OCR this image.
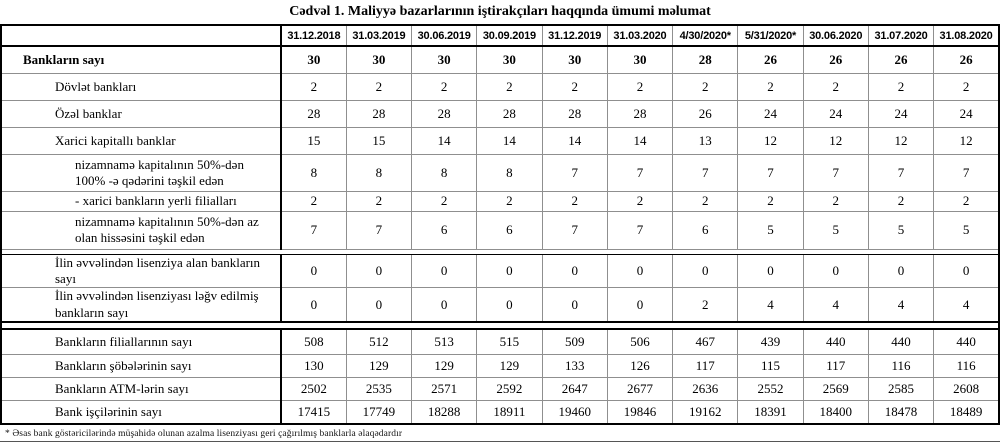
Cədvəl 1. Maliyyə bazarlarının iştirakçıları haqqında ümumi məlumat
	31.12.2018	31.03.2019	30.06.2019	30.09.2019	31.12.2019	31.03.2020	4/30/2020*	5/31/2020*	30.06.2020	31.07.2020	31.08.2020
Bankların sayı	30	30	30	30	30	30	28	26	26	26	26
Dövlət bankları	2	2	2	2	2	2	2	2	2	2	2
Özəl banklar	28	28	28	28	28	28	26	24	24	24	24
Xarici kapitallı banklar	15	15	14	14	14	14	13	12	12	12	12

nizamnamə kapitalının 50%-dən
100% -ə qədərini təşkil edən	8	8	8	8	7	7	7	7	7	7	7
- xarici bankların yerli filialları	2	2	2	2	2	2	2	2	2	2	2

nizamnamə kapitalının 50%-dən az
olan hissəsini təşkil edən	7	7	6	6	7	7	6	5	5	5	5

İlin əvvəlindən lisenziya alan bankların
sayı	0	0	0	0	0	0	0	0	0	0	0

İlin əvvəlindən lisenziyası ləğv edilmiş
bankların sayı	0	0	0	0	0	0	2	4	4	4	4

Bankların filiallarının sayı	508	512	513	515	509	506	467	439	440	440	440
Bankların şöbələrinin sayı	130	129	129	129	133	126	117	115	117	116	116
Bankların ATM-lərin sayı	2502	2535	2571	2592	2647	2677	2636	2552	2569	2585	2608
Bank işçilərinin sayı	17415	17749	18288	18911	19460	19846	19162	18391	18400	18478	18489
* Əsas bank göstəricilərində müşahidə olunan azalma lisenziyası geri çağırılmış banklarla əlaqədardır
